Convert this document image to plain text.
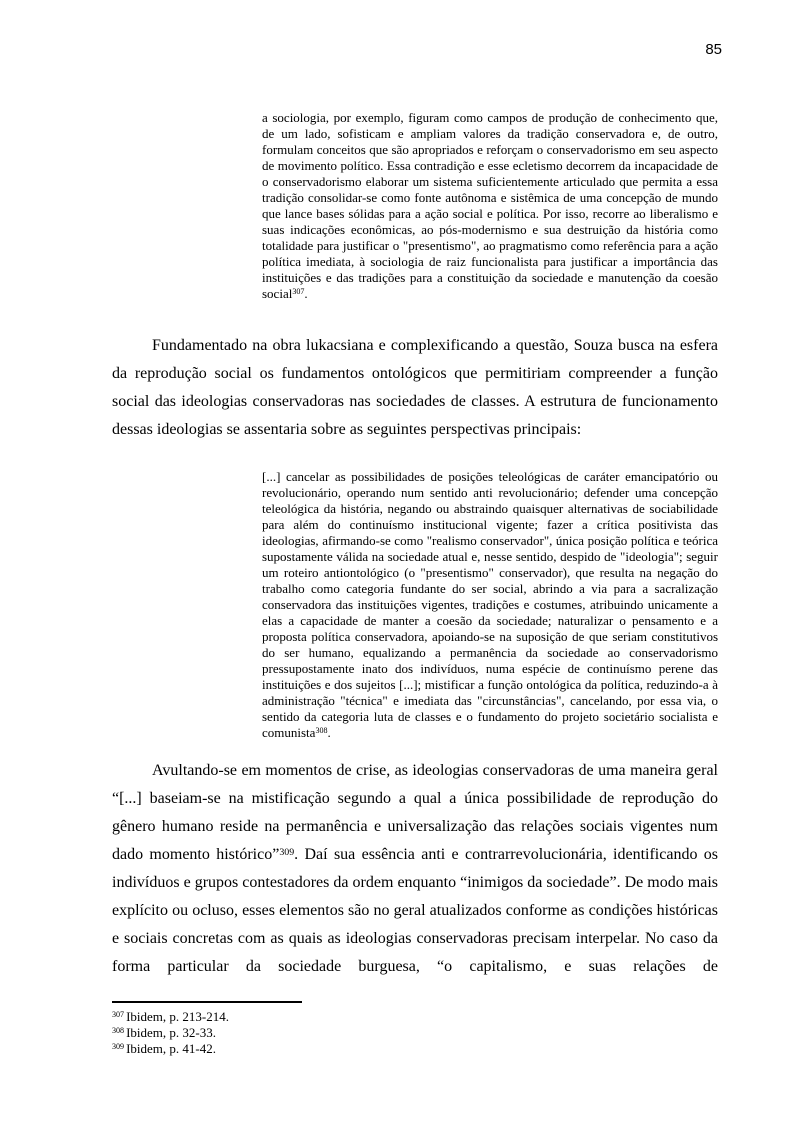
85
a sociologia, por exemplo, figuram como campos de produção de conhecimento que, de um lado, sofisticam e ampliam valores da tradição conservadora e, de outro, formulam conceitos que são apropriados e reforçam o conservadorismo em seu aspecto de movimento político. Essa contradição e esse ecletismo decorrem da incapacidade de o conservadorismo elaborar um sistema suficientemente articulado que permita a essa tradição consolidar-se como fonte autônoma e sistêmica de uma concepção de mundo que lance bases sólidas para a ação social e política. Por isso, recorre ao liberalismo e suas indicações econômicas, ao pós-modernismo e sua destruição da história como totalidade para justificar o "presentismo", ao pragmatismo como referência para a ação política imediata, à sociologia de raiz funcionalista para justificar a importância das instituições e das tradições para a constituição da sociedade e manutenção da coesão social$^{307}$.

Fundamentado na obra lukacsiana e complexificando a questão, Souza busca na esfera da reprodução social os fundamentos ontológicos que permitiriam compreender a função social das ideologias conservadoras nas sociedades de classes. A estrutura de funcionamento dessas ideologias se assentaria sobre as seguintes perspectivas principais:

[...] cancelar as possibilidades de posições teleológicas de caráter emancipatório ou revolucionário, operando num sentido anti revolucionário; defender uma concepção teleológica da história, negando ou abstraindo quaisquer alternativas de sociabilidade para além do continuísmo institucional vigente; fazer a crítica positivista das ideologias, afirmando-se como "realismo conservador", única posição política e teórica supostamente válida na sociedade atual e, nesse sentido, despido de "ideologia"; seguir um roteiro antiontológico (o "presentismo" conservador), que resulta na negação do trabalho como categoria fundante do ser social, abrindo a via para a sacralização conservadora das instituições vigentes, tradições e costumes, atribuindo unicamente a elas a capacidade de manter a coesão da sociedade; naturalizar o pensamento e a proposta política conservadora, apoiando-se na suposição de que seriam constitutivos do ser humano, equalizando a permanência da sociedade ao conservadorismo pressupostamente inato dos indivíduos, numa espécie de continuísmo perene das instituições e dos sujeitos [...]; mistificar a função ontológica da política, reduzindo-a à administração "técnica" e imediata das "circunstâncias", cancelando, por essa via, o sentido da categoria luta de classes e o fundamento do projeto societário socialista e comunista$^{308}$.

Avultando-se em momentos de crise, as ideologias conservadoras de uma maneira geral “[...] baseiam-se na mistificação segundo a qual a única possibilidade de reprodução do gênero humano reside na permanência e universalização das relações sociais vigentes num dado momento histórico”$^{309}$. Daí sua essência anti e contrarrevolucionária, identificando os indivíduos e grupos contestadores da ordem enquanto “inimigos da sociedade”. De modo mais explícito ou ocluso, esses elementos são no geral atualizados conforme as condições históricas e sociais concretas com as quais as ideologias conservadoras precisam interpelar. No caso da forma particular da sociedade burguesa, “o capitalismo, e suas relações de

$^{307}$ Ibidem, p. 213-214.
$^{308}$ Ibidem, p. 32-33.
$^{309}$ Ibidem, p. 41-42.
